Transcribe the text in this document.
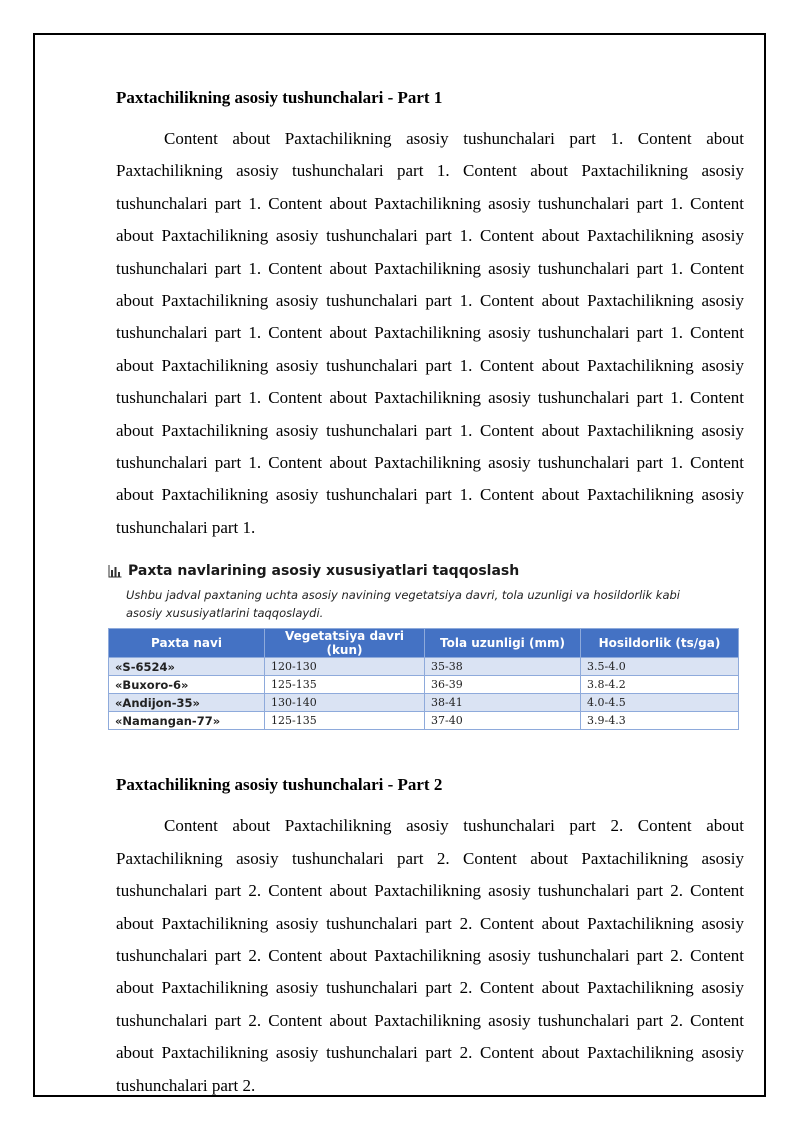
Paxtachilikning asosiy tushunchalari - Part 1

Content about Paxtachilikning asosiy tushunchalari part 1. Content about Paxtachilikning asosiy tushunchalari part 1. Content about Paxtachilikning asosiy tushunchalari part 1. Content about Paxtachilikning asosiy tushunchalari part 1. Content about Paxtachilikning asosiy tushunchalari part 1. Content about Paxtachilikning asosiy tushunchalari part 1. Content about Paxtachilikning asosiy tushunchalari part 1. Content about Paxtachilikning asosiy tushunchalari part 1. Content about Paxtachilikning asosiy tushunchalari part 1. Content about Paxtachilikning asosiy tushunchalari part 1. Content about Paxtachilikning asosiy tushunchalari part 1. Content about Paxtachilikning asosiy tushunchalari part 1. Content about Paxtachilikning asosiy tushunchalari part 1. Content about Paxtachilikning asosiy tushunchalari part 1. Content about Paxtachilikning asosiy tushunchalari part 1. Content about Paxtachilikning asosiy tushunchalari part 1. Content about Paxtachilikning asosiy tushunchalari part 1. Content about Paxtachilikning asosiy tushunchalari part 1.

Paxta navlarining asosiy xususiyatlari taqqoslash
Ushbu jadval paxtaning uchta asosiy navining vegetatsiya davri, tola uzunligi va hosildorlik kabi asosiy xususiyatlarini taqqoslaydi.
Paxta navi	Vegetatsiya davri (kun)	Tola uzunligi (mm)	Hosildorlik (ts/ga)
«S-6524»	120-130	35-38	3.5-4.0
«Buxoro-6»	125-135	36-39	3.8-4.2
«Andijon-35»	130-140	38-41	4.0-4.5
«Namangan-77»	125-135	37-40	3.9-4.3
Paxtachilikning asosiy tushunchalari - Part 2

Content about Paxtachilikning asosiy tushunchalari part 2. Content about Paxtachilikning asosiy tushunchalari part 2. Content about Paxtachilikning asosiy tushunchalari part 2. Content about Paxtachilikning asosiy tushunchalari part 2. Content about Paxtachilikning asosiy tushunchalari part 2. Content about Paxtachilikning asosiy tushunchalari part 2. Content about Paxtachilikning asosiy tushunchalari part 2. Content about Paxtachilikning asosiy tushunchalari part 2. Content about Paxtachilikning asosiy tushunchalari part 2. Content about Paxtachilikning asosiy tushunchalari part 2. Content about Paxtachilikning asosiy tushunchalari part 2. Content about Paxtachilikning asosiy tushunchalari part 2.
